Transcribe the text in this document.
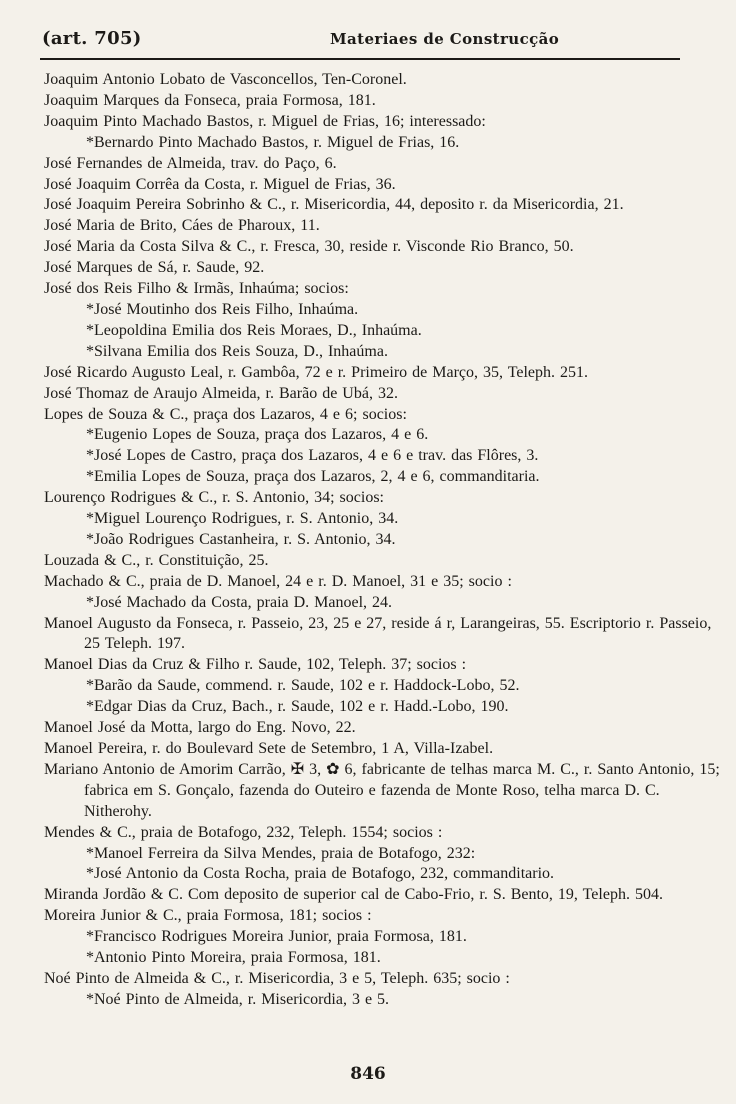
(art. 705)	Materiaes de Construcção
Joaquim Antonio Lobato de Vasconcellos, Ten-Coronel.
Joaquim Marques da Fonseca, praia Formosa, 181.
Joaquim Pinto Machado Bastos, r. Miguel de Frias, 16; interessado:
* Bernardo Pinto Machado Bastos, r. Miguel de Frias, 16.
José Fernandes de Almeida, trav. do Paço, 6.
José Joaquim Corrêa da Costa, r. Miguel de Frias, 36.
José Joaquim Pereira Sobrinho & C., r. Misericordia, 44, deposito r. da Misericordia, 21.
José Maria de Brito, Cáes de Pharoux, 11.
José Maria da Costa Silva & C., r. Fresca, 30, reside r. Visconde Rio Branco, 50.
José Marques de Sá, r. Saude, 92.
José dos Reis Filho & Irmãs, Inhaúma; socios:
* José Moutinho dos Reis Filho, Inhaúma.
* Leopoldina Emilia dos Reis Moraes, D., Inhaúma.
* Silvana Emilia dos Reis Souza, D., Inhaúma.
José Ricardo Augusto Leal, r. Gambôa, 72 e r. Primeiro de Março, 35, Teleph. 251.
José Thomaz de Araujo Almeida, r. Barão de Ubá, 32.
Lopes de Souza & C., praça dos Lazaros, 4 e 6; socios:
* Eugenio Lopes de Souza, praça dos Lazaros, 4 e 6.
* José Lopes de Castro, praça dos Lazaros, 4 e 6 e trav. das Flôres, 3.
* Emilia Lopes de Souza, praça dos Lazaros, 2, 4 e 6, commanditaria.
Lourenço Rodrigues & C., r. S. Antonio, 34; socios:
* Miguel Lourenço Rodrigues, r. S. Antonio, 34.
* João Rodrigues Castanheira, r. S. Antonio, 34.
Louzada & C., r. Constituição, 25.
Machado & C., praia de D. Manoel, 24 e r. D. Manoel, 31 e 35; socio :
* José Machado da Costa, praia D. Manoel, 24.
Manoel Augusto da Fonseca, r. Passeio, 23, 25 e 27, reside á r, Larangeiras, 55. Escriptorio r. Passeio, 25 Teleph. 197.
Manoel Dias da Cruz & Filho r. Saude, 102, Teleph. 37; socios :
* Barão da Saude, commend. r. Saude, 102 e r. Haddock-Lobo, 52.
* Edgar Dias da Cruz, Bach., r. Saude, 102 e r. Hadd.-Lobo, 190.
Manoel José da Motta, largo do Eng. Novo, 22.
Manoel Pereira, r. do Boulevard Sete de Setembro, 1 A, Villa-Izabel.
Mariano Antonio de Amorim Carrão, ✠ 3, ✿ 6, fabricante de telhas marca M. C., r. Santo Antonio, 15; fabrica em S. Gonçalo, fazenda do Outeiro e fazenda de Monte Roso, telha marca D. C. Nitherohy.
Mendes & C., praia de Botafogo, 232, Teleph. 1554; socios :
* Manoel Ferreira da Silva Mendes, praia de Botafogo, 232:
* José Antonio da Costa Rocha, praia de Botafogo, 232, commanditario.
Miranda Jordão & C. Com deposito de superior cal de Cabo-Frio, r. S. Bento, 19, Teleph. 504.
Moreira Junior & C., praia Formosa, 181; socios :
* Francisco Rodrigues Moreira Junior, praia Formosa, 181.
* Antonio Pinto Moreira, praia Formosa, 181.
Noé Pinto de Almeida & C., r. Misericordia, 3 e 5, Teleph. 635; socio :
* Noé Pinto de Almeida, r. Misericordia, 3 e 5.
846
